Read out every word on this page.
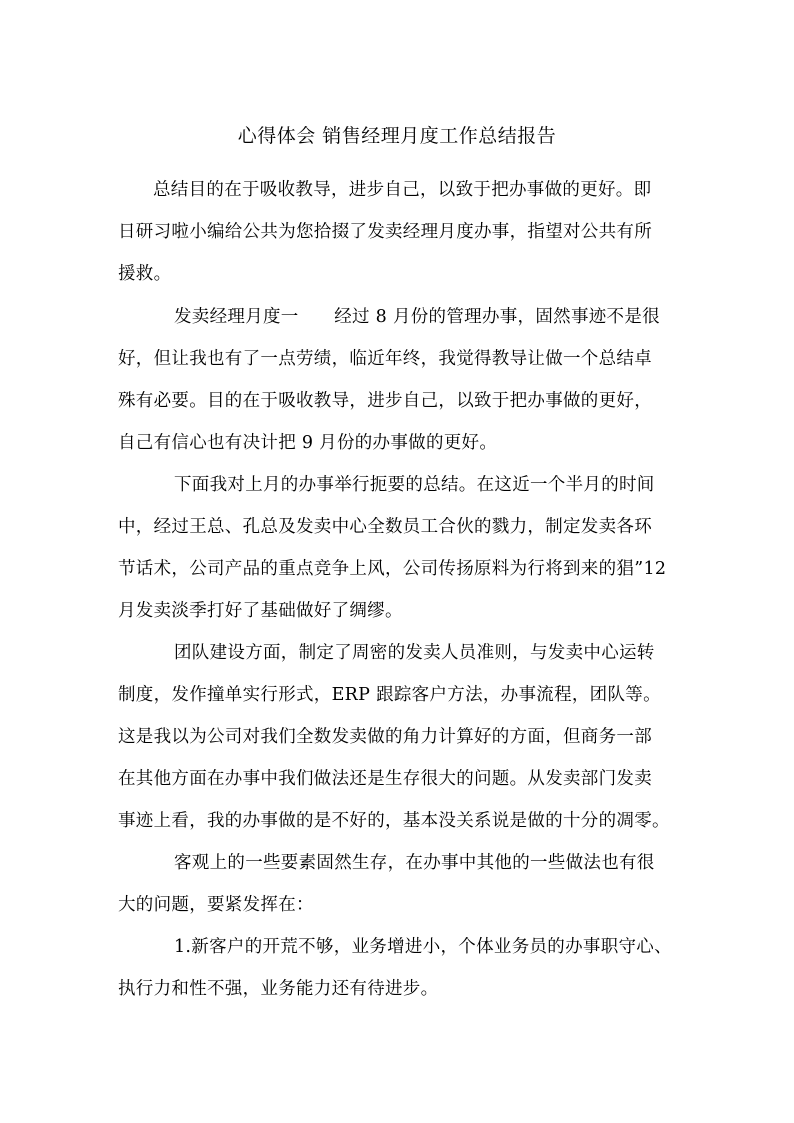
心得体会 销售经理月度工作总结报告
总结目的在于吸收教导，进步自己，以致于把办事做的更好。即
日研习啦小编给公共为您拾掇了发卖经理月度办事，指望对公共有所
援救。
发卖经理月度一　　经过 8 月份的管理办事，固然事迹不是很
好，但让我也有了一点劳绩，临近年终，我觉得教导让做一个总结卓
殊有必要。目的在于吸收教导，进步自己，以致于把办事做的更好，
自己有信心也有决计把 9 月份的办事做的更好。
下面我对上月的办事举行扼要的总结。在这近一个半月的时间
中，经过王总、孔总及发卖中心全数员工合伙的戮力，制定发卖各环
节话术，公司产品的重点竞争上风，公司传扬原料为行将到来的猖”12
月发卖淡季打好了基础做好了绸缪。
团队建设方面，制定了周密的发卖人员准则，与发卖中心运转
制度，发作撞单实行形式，ERP 跟踪客户方法，办事流程，团队等。
这是我以为公司对我们全数发卖做的角力计算好的方面，但商务一部
在其他方面在办事中我们做法还是生存很大的问题。从发卖部门发卖
事迹上看，我的办事做的是不好的，基本没关系说是做的十分的凋零。
客观上的一些要素固然生存，在办事中其他的一些做法也有很
大的问题，要紧发挥在：
1.新客户的开荒不够，业务增进小，个体业务员的办事职守心、
执行力和性不强，业务能力还有待进步。
